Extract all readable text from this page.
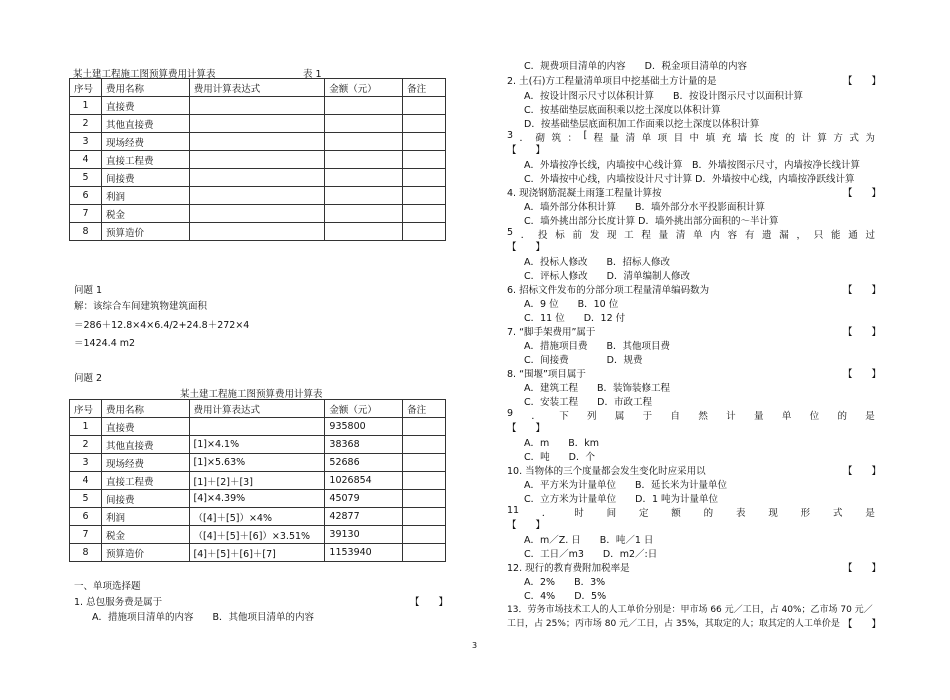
某土建工程施工图预算费用计算表	表 1
序号	费用名称	费用计算表达式	金额（元）	备注
1	直接费			
2	其他直接费			
3	现场经费			
4	直接工程费			
5	间接费			
6	利润			
7	税金			
8	预算造价			
问题 1
解：该综合车间建筑物建筑面积
＝286＋12.8×4×6.4/2+24.8＋272×4
＝1424.4 m2
问题 2
某土建工程施工图预算费用计算表
序号	费用名称	费用计算表达式	金额（元）	备注
1	直接费		935800	
2	其他直接费	[1]×4.1%	38368	
3	现场经费	[1]×5.63%	52686	
4	直接工程费	[1]＋[2]＋[3]	1026854	
5	间接费	[4]×4.39%	45079	
6	利润	（[4]＋[5]）×4%	42877	
7	税金	（[4]＋[5]＋[6]）×3.51%	39130	
8	预算造价	[4]＋[5]＋[6]＋[7]	1153940	
一、单项选择题
1. 总包服务费是属于	【　　】
A．措施项目清单的内容　　B．其他项目清单的内容
3
C．规费项目清单的内容　　D．税金项目清单的内容
2. 土(石)方工程量清单项目中挖基础土方计量的是	【　　】
A．按设计图示尺寸以体积计算　　B．按设计图示尺寸以面积计算
C．按基础垫层底面积乘以挖土深度以体积计算
D．按基础垫层底面积加工作面乘以挖土深度以体积计算
3 ． 砌 筑 ： [ 程 量 清 单 项 目 中 填 充 墙 长 度 的 计 算 方 式 为
【　　】
A．外墙按净长线，内墙按中心线计算　B．外墙按图示尺寸，内墙按净长线计算
C．外墙按中心线，内墙按设计尺寸计算 D．外墙按中心线，内墙按净跃线计算
4. 现浇钢筋混凝土雨篷工程量计算按	【　　】
A．墙外部分体积计算　　B．墙外部分水平投影面积计算
C．墙外挑出部分长度计算 D．墙外挑出部分面积的～半计算
5 ． 投 标 前 发 现 工 程 量 清 单 内 容 有 遗 漏 ， 只 能 通 过
【　　】
A．投标人修改　　B．招标人修改
C．评标人修改　　D．清单编制人修改
6. 招标文件发布的分部分项工程量清单编码数为	【　　】
A．9 位　　B．10 位
C．11 位　　D．12 付
7. “脚手架费用”属于	【　　】
A．措施项目费　　B．其他项目费
C．间接费　　　　D．规费
8. “围堰”项目属于	【　　】
A．建筑工程　　B．装饰装修工程
C．安装工程　　D．市政工程
9 ． 下 列 属 于 自 然 计 量 单 位 的 是
【　　】
A．m　　B．km
C．吨　　D．个
10. 当物体的三个度量都会发生变化时应采用以	【　　】
A．平方米为计量单位　　B．延长米为计量单位
C．立方米为计量单位　　D．1 吨为计量单位
11 ． 时 间 定 额 的 表 现 形 式 是
【　　】
A．m／Z. 日　　B．吨／1 日
C．工日／m3　　D．m2／:日
12. 现行的教育费附加税率是	【　　】
A．2%　　B．3%
C．4%　　D．5%
13．劳务市场技术工人的人工单价分别是：甲市场 66 元／工日，占 40%；乙市场 70 元／
工日，占 25%；丙市场 80 元／工日，占 35%，其取定的人；取其定的人工单价是 【　　】
